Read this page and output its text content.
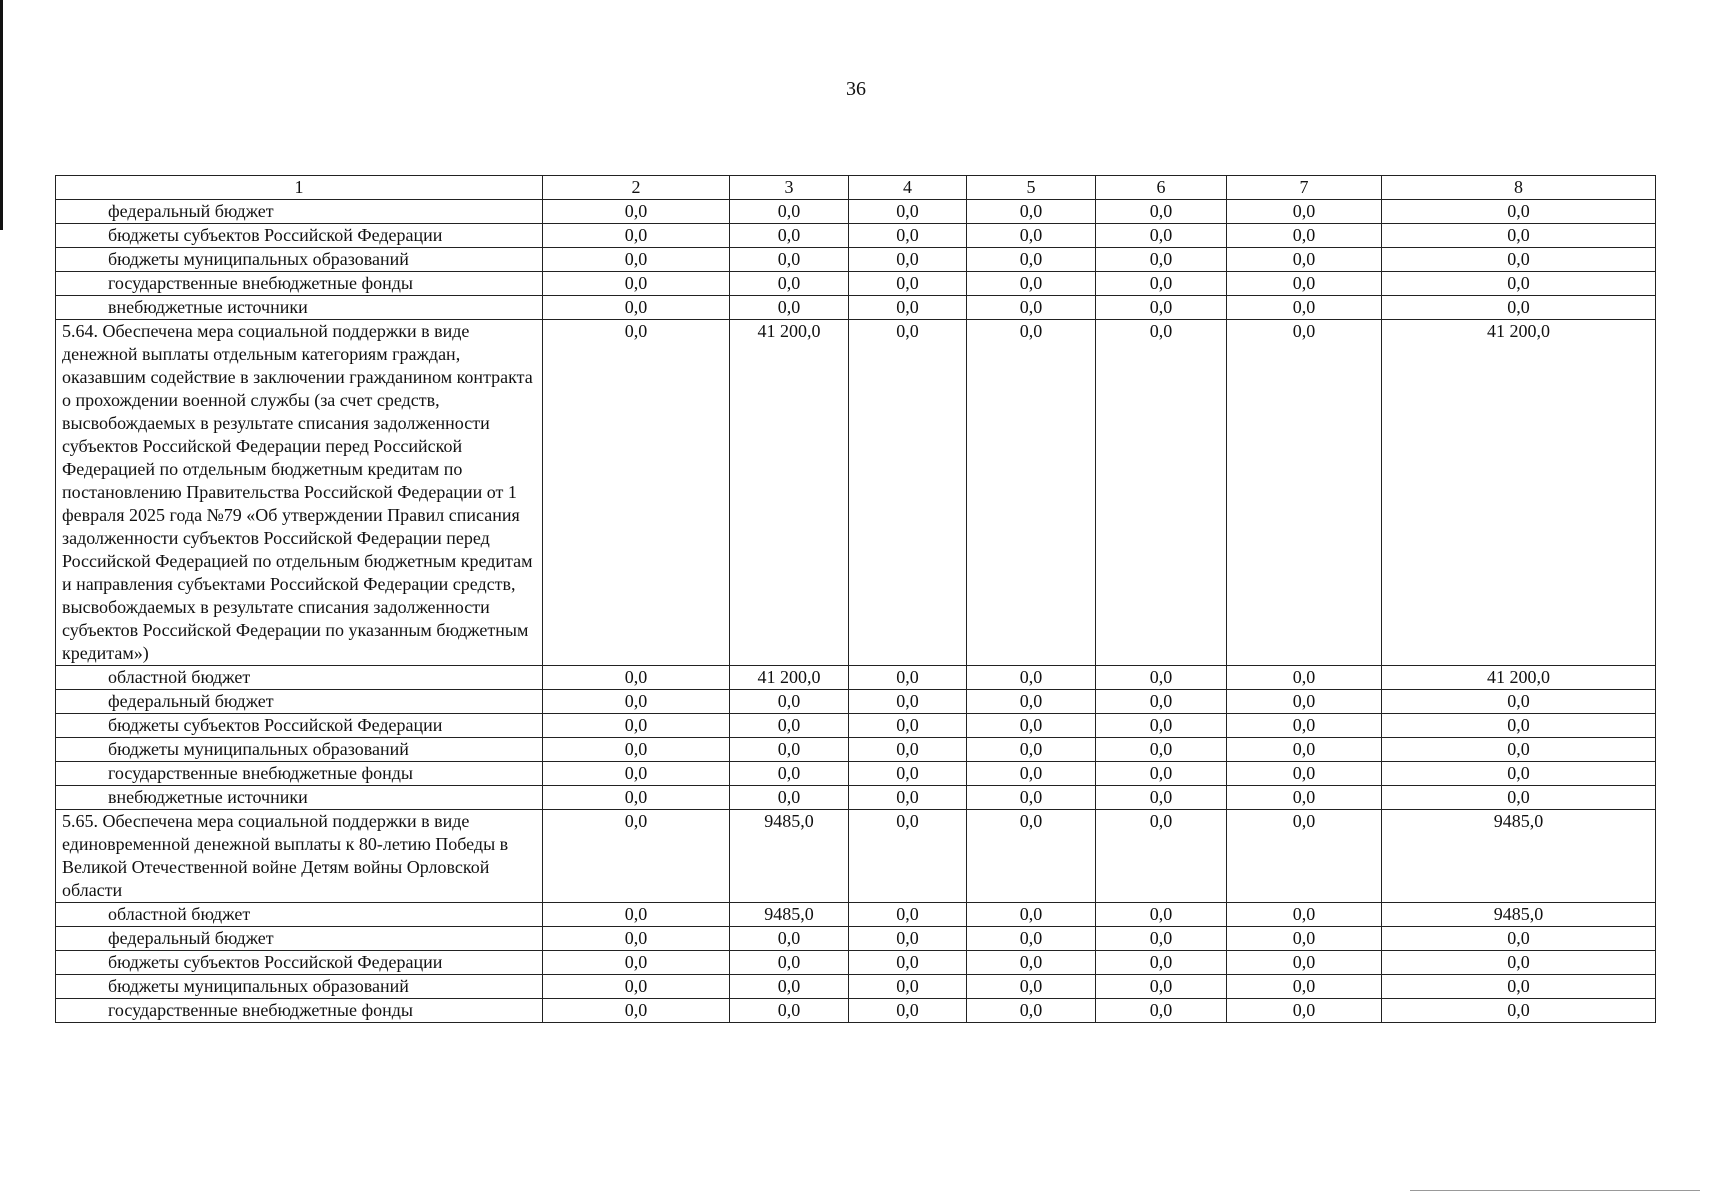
36
1	2	3	4	5	6	7	8
федеральный бюджет	0,0	0,0	0,0	0,0	0,0	0,0	0,0
бюджеты субъектов Российской Федерации	0,0	0,0	0,0	0,0	0,0	0,0	0,0
бюджеты муниципальных образований	0,0	0,0	0,0	0,0	0,0	0,0	0,0
государственные внебюджетные фонды	0,0	0,0	0,0	0,0	0,0	0,0	0,0
внебюджетные источники	0,0	0,0	0,0	0,0	0,0	0,0	0,0
5.64. Обеспечена мера социальной поддержки в виде денежной выплаты отдельным категориям граждан, оказавшим содействие в заключении гражданином контракта о прохождении военной службы (за счет средств, высвобождаемых в результате списания задолженности субъектов Российской Федерации перед Российской Федерацией по отдельным бюджетным кредитам по постановлению Правительства Российской Федерации от 1 февраля 2025 года №79 «Об утверждении Правил списания задолженности субъектов Российской Федерации перед Российской Федерацией по отдельным бюджетным кредитам и направления субъектами Российской Федерации средств, высвобождаемых в результате списания задолженности субъектов Российской Федерации по указанным бюджетным кредитам»)	0,0	41 200,0	0,0	0,0	0,0	0,0	41 200,0
областной бюджет	0,0	41 200,0	0,0	0,0	0,0	0,0	41 200,0
федеральный бюджет	0,0	0,0	0,0	0,0	0,0	0,0	0,0
бюджеты субъектов Российской Федерации	0,0	0,0	0,0	0,0	0,0	0,0	0,0
бюджеты муниципальных образований	0,0	0,0	0,0	0,0	0,0	0,0	0,0
государственные внебюджетные фонды	0,0	0,0	0,0	0,0	0,0	0,0	0,0
внебюджетные источники	0,0	0,0	0,0	0,0	0,0	0,0	0,0
5.65. Обеспечена мера социальной поддержки в виде единовременной денежной выплаты к 80-летию Победы в Великой Отечественной войне Детям войны Орловской области	0,0	9485,0	0,0	0,0	0,0	0,0	9485,0
областной бюджет	0,0	9485,0	0,0	0,0	0,0	0,0	9485,0
федеральный бюджет	0,0	0,0	0,0	0,0	0,0	0,0	0,0
бюджеты субъектов Российской Федерации	0,0	0,0	0,0	0,0	0,0	0,0	0,0
бюджеты муниципальных образований	0,0	0,0	0,0	0,0	0,0	0,0	0,0
государственные внебюджетные фонды	0,0	0,0	0,0	0,0	0,0	0,0	0,0
